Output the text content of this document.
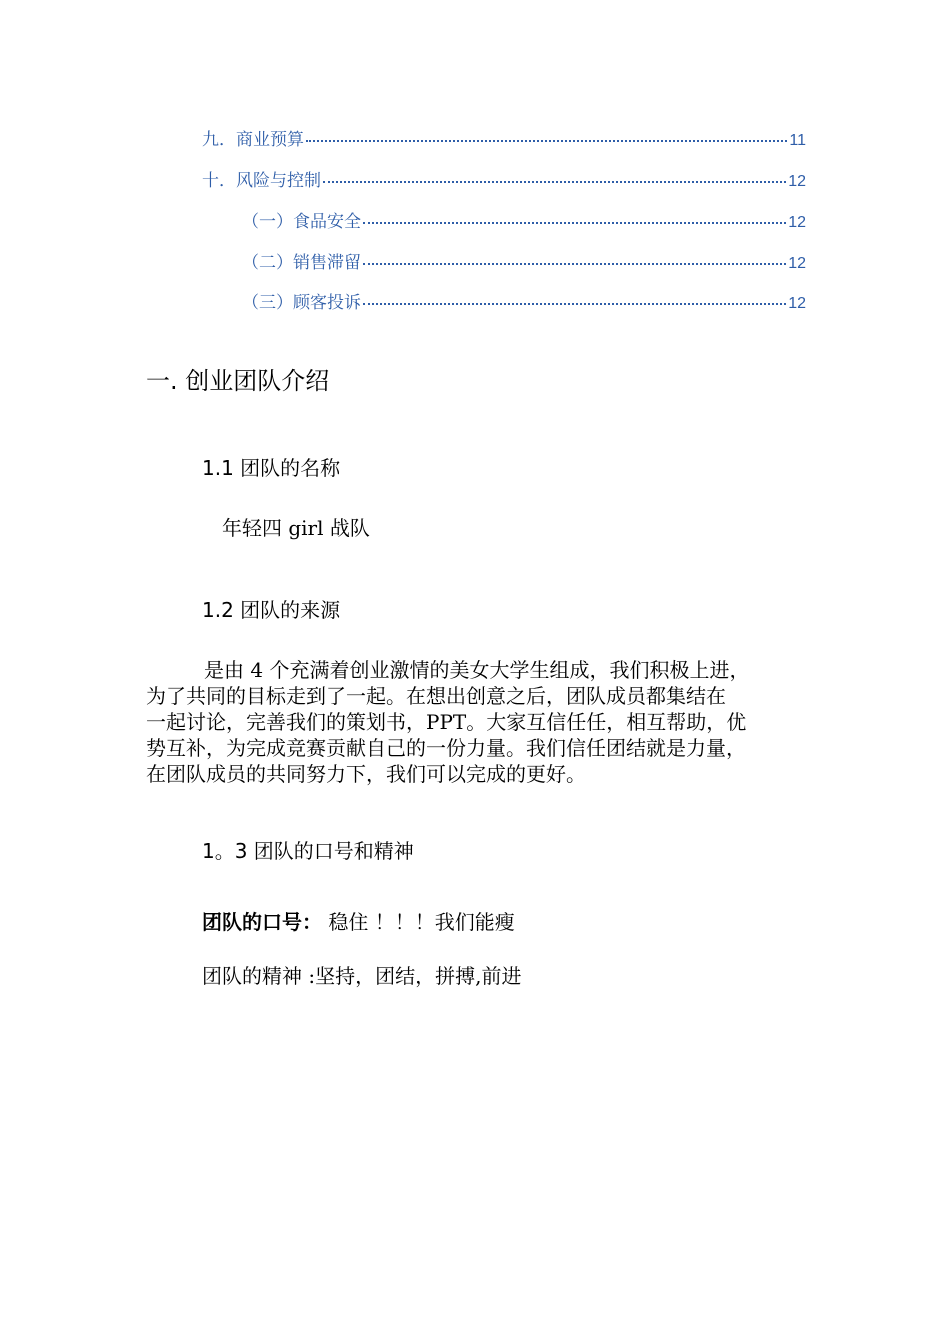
九．商业预算	11
十．风险与控制	12
（一）食品安全	12
（二）销售滞留	12
（三）顾客投诉	12
一. 创业团队介绍
1.1 团队的名称
年轻四 girl 战队
1.2 团队的来源
是由 4 个充满着创业激情的美女大学生组成，我们积极上进，
为了共同的目标走到了一起。在想出创意之后，团队成员都集结在
一起讨论，完善我们的策划书，PPT。大家互信任任，相互帮助，优
势互补，为完成竞赛贡献自己的一份力量。我们信任团结就是力量，
在团队成员的共同努力下，我们可以完成的更好。
1。3 团队的口号和精神
团队的口号： 稳住 ！！！我们能瘦
团队的精神 :坚持，团结，拼搏,前进
